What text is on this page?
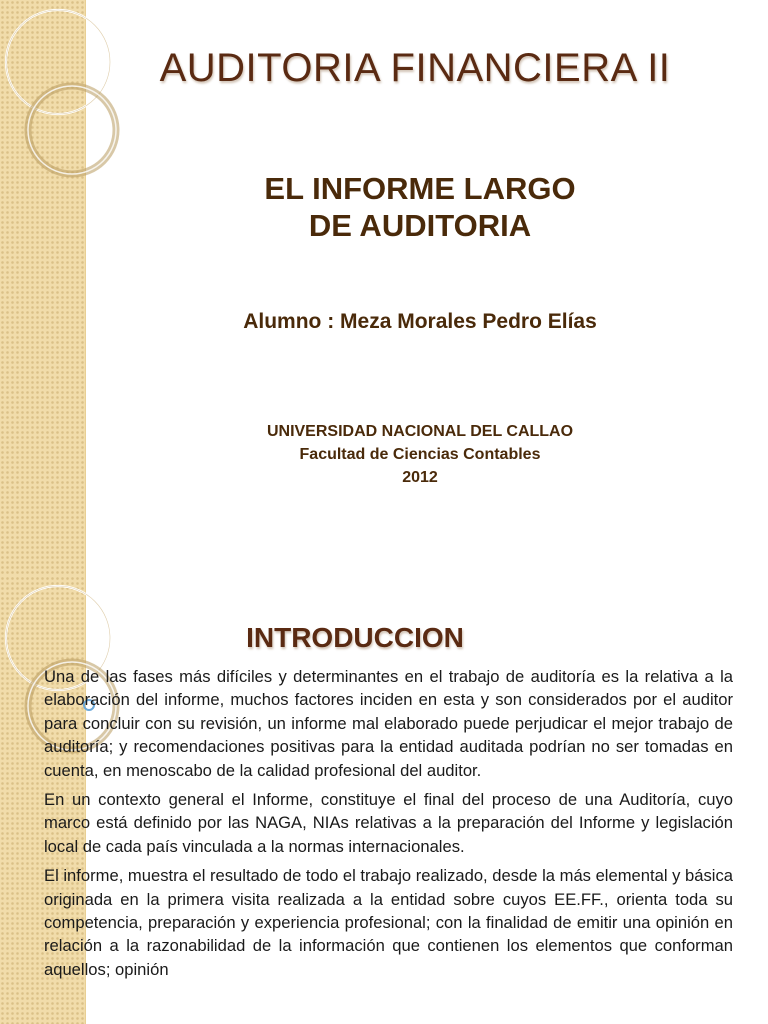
AUDITORIA FINANCIERA II
EL INFORME LARGO
DE AUDITORIA
Alumno : Meza Morales Pedro Elías
UNIVERSIDAD NACIONAL DEL CALLAO
Facultad de Ciencias Contables
2012
INTRODUCCION

Una de las fases más difíciles y determinantes en el trabajo de auditoría es la relativa a la elaboración del informe, muchos factores inciden en esta y son considerados por el auditor para concluir con su revisión, un informe mal elaborado puede perjudicar el mejor trabajo de auditoría; y recomendaciones positivas para la entidad auditada podrían no ser tomadas en cuenta, en menoscabo de la calidad profesional del auditor.

En un contexto general el Informe, constituye el final del proceso de una Auditoría, cuyo marco está definido por las NAGA, NIAs relativas a la preparación del Informe y legislación local de cada país vinculada a la normas internacionales.

El informe, muestra el resultado de todo el trabajo realizado, desde la más elemental y básica originada en la primera visita realizada a la entidad sobre cuyos EE.FF., orienta toda su competencia, preparación y experiencia profesional; con la finalidad de emitir una opinión en relación a la razonabilidad de la información que contienen los elementos que conforman aquellos; opinión
